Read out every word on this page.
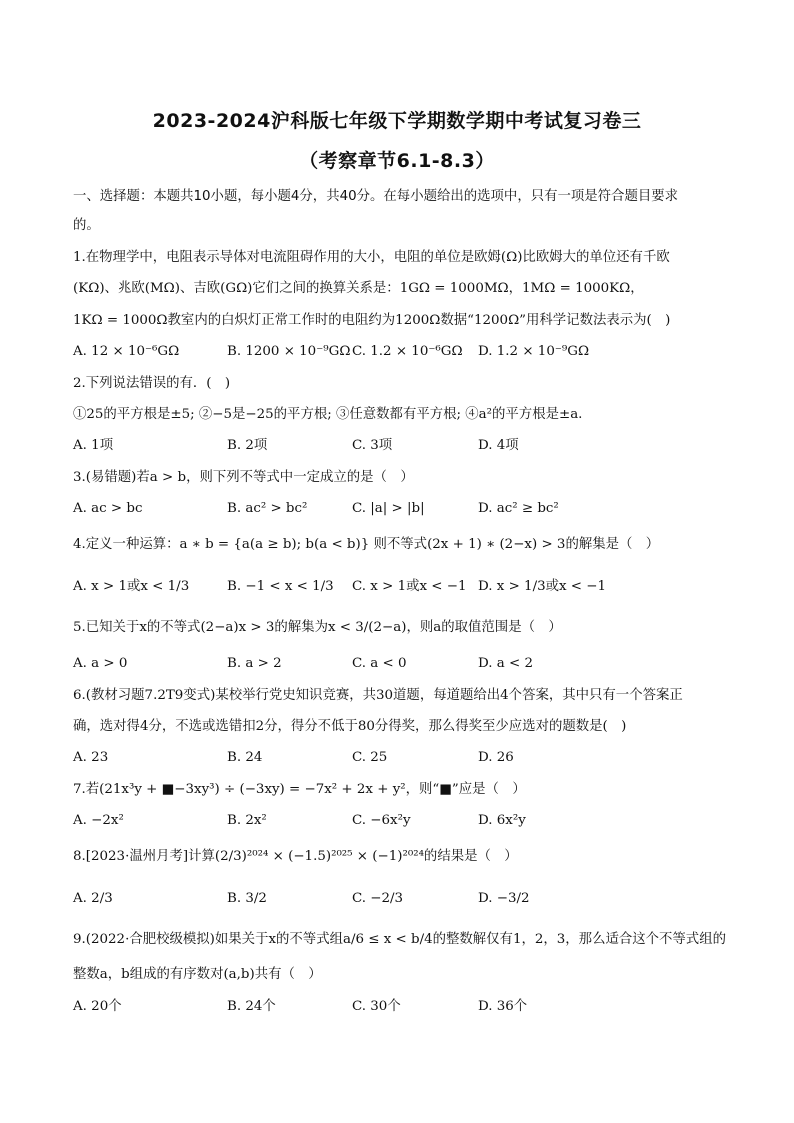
2023-2024沪科版七年级下学期数学期中考试复习卷三
（考察章节6.1-8.3）
一、选择题：本题共10小题，每小题4分，共40分。在每小题给出的选项中，只有一项是符合题目要求
的。
1.在物理学中，电阻表示导体对电流阻碍作用的大小，电阻的单位是欧姆(Ω)比欧姆大的单位还有千欧
(KΩ)、兆欧(MΩ)、吉欧(GΩ)它们之间的换算关系是：1GΩ = 1000MΩ，1MΩ = 1000KΩ，
1KΩ = 1000Ω教室内的白炽灯正常工作时的电阻约为1200Ω数据“1200Ω”用科学记数法表示为(　)
A. 12 × 10⁻⁶GΩ	B. 1200 × 10⁻⁹GΩ C. 1.2 × 10⁻⁶GΩ D. 1.2 × 10⁻⁹GΩ
2.下列说法错误的有．(　)
①25的平方根是±5; ②−5是−25的平方根; ③任意数都有平方根; ④a²的平方根是±a.
A. 1项	B. 2项	C. 3项	D. 4项
3.(易错题)若a > b，则下列不等式中一定成立的是（　）
A. ac > bc	B. ac² > bc²	C. |a| > |b|	D. ac² ≥ bc²
4.定义一种运算：a ∗ b = {a(a ≥ b); b(a < b)} 则不等式(2x + 1) ∗ (2−x) > 3的解集是（　）
A. x > 1或x < 1/3	B. −1 < x < 1/3 C. x > 1或x < −1 D. x > 1/3或x < −1
5.已知关于x的不等式(2−a)x > 3的解集为x < 3/(2−a)，则a的取值范围是（　）
A. a > 0	B. a > 2	C. a < 0	D. a < 2
6.(教材习题7.2T9变式)某校举行党史知识竞赛，共30道题，每道题给出4个答案，其中只有一个答案正
确，选对得4分，不选或选错扣2分，得分不低于80分得奖，那么得奖至少应选对的题数是(　)
A. 23	B. 24	C. 25	D. 26
7.若(21x³y + ■−3xy³) ÷ (−3xy) = −7x² + 2x + y²，则“■”应是（　）
A. −2x²	B. 2x²	C. −6x²y	D. 6x²y
8.[2023·温州月考]计算(2/3)²⁰²⁴ × (−1.5)²⁰²⁵ × (−1)²⁰²⁴的结果是（　）
A. 2/3	B. 3/2	C. −2/3	D. −3/2
9.(2022·合肥校级模拟)如果关于x的不等式组a/6 ≤ x < b/4的整数解仅有1，2，3，那么适合这个不等式组的
整数a，b组成的有序数对(a,b)共有（　）
A. 20个	B. 24个	C. 30个	D. 36个
